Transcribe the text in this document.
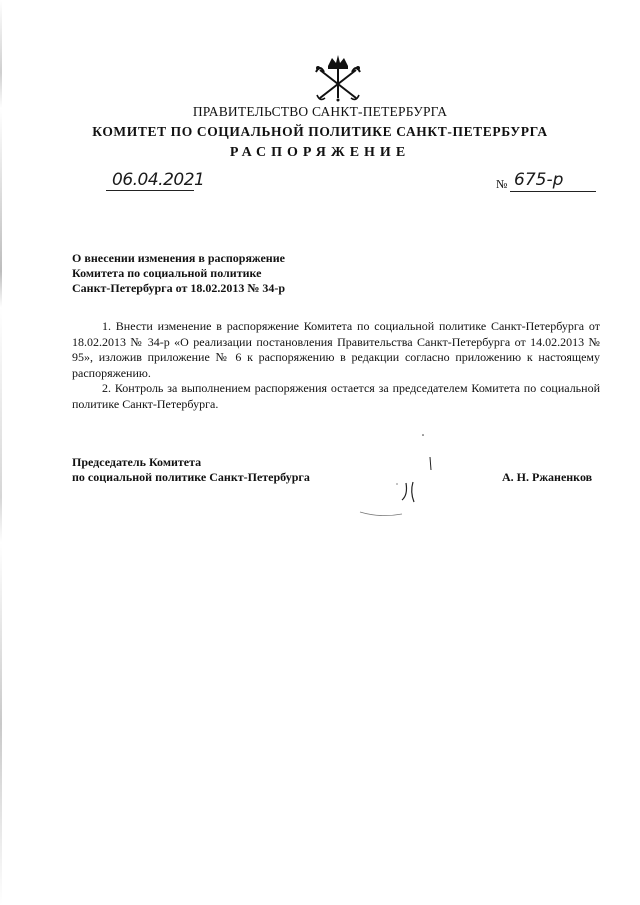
ПРАВИТЕЛЬСТВО САНКТ-ПЕТЕРБУРГА
КОМИТЕТ ПО СОЦИАЛЬНОЙ ПОЛИТИКЕ САНКТ-ПЕТЕРБУРГА
РАСПОРЯЖЕНИЕ
06.04.2021	№ 675-р
О внесении изменения в распоряжение
Комитета по социальной политике
Санкт-Петербурга от 18.02.2013 № 34-р

1. Внести изменение в распоряжение Комитета по социальной политике Санкт-Петербурга от 18.02.2013 № 34-р «О реализации постановления Правительства Санкт-Петербурга от 14.02.2013 № 95», изложив приложение № 6 к распоряжению в редакции согласно приложению к настоящему распоряжению.

2. Контроль за выполнением распоряжения остается за председателем Комитета по социальной политике Санкт-Петербурга.

Председатель Комитета
по социальной политике Санкт-Петербурга	А. Н. Ржаненков
